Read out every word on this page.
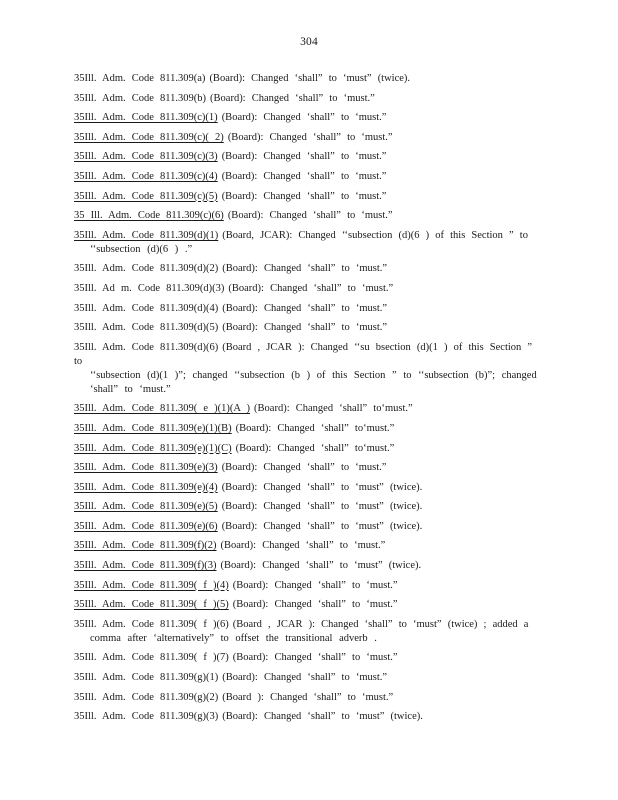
304
35Ill. Adm. Code 811.309(a) (Board): Changed ‘shall” to ‘must” (twice).
35Ill. Adm. Code 811.309(b) (Board): Changed ‘shall” to ‘must.”
35Ill. Adm. Code 811.309(c)(1) (Board): Changed ‘shall” to ‘must.”
35Ill. Adm. Code 811.309(c)( 2) (Board): Changed ‘shall” to ‘must.”
35Ill. Adm. Code 811.309(c)(3) (Board): Changed ‘shall” to ‘must.”
35Ill. Adm. Code 811.309(c)(4) (Board): Changed ‘shall” to ‘must.”
35Ill. Adm. Code 811.309(c)(5) (Board): Changed ‘shall” to ‘must.”
35 Ill. Adm. Code 811.309(c)(6) (Board): Changed ‘shall” to ‘must.”
35Ill. Adm. Code 811.309(d)(1) (Board, JCAR): Changed ‘‘subsection (d)(6 ) of this Section ” to
‘‘subsection (d)(6 ) .”
35Ill. Adm. Code 811.309(d)(2) (Board): Changed ‘shall” to ‘must.”
35Ill. Ad m. Code 811.309(d)(3) (Board): Changed ‘shall” to ‘must.”
35Ill. Adm. Code 811.309(d)(4) (Board): Changed ‘shall” to ‘must.”
35Ill. Adm. Code 811.309(d)(5) (Board): Changed ‘shall” to ‘must.”
35Ill. Adm. Code 811.309(d)(6) (Board , JCAR ): Changed ‘‘su bsection (d)(1 ) of this Section ” to
‘‘subsection (d)(1 )”; changed ‘‘subsection (b ) of this Section ” to ‘‘subsection (b)”; changed ‘shall” to ‘must.”
35Ill. Adm. Code 811.309( e )(1)(A ) (Board): Changed ‘shall” to‘must.”
35Ill. Adm. Code 811.309(e)(1)(B) (Board): Changed ‘shall” to‘must.”
35Ill. Adm. Code 811.309(e)(1)(C) (Board): Changed ‘shall” to‘must.”
35Ill. Adm. Code 811.309(e)(3) (Board): Changed ‘shall” to ‘must.”
35Ill. Adm. Code 811.309(e)(4) (Board): Changed ‘shall” to ‘must” (twice).
35Ill. Adm. Code 811.309(e)(5) (Board): Changed ‘shall” to ‘must” (twice).
35Ill. Adm. Code 811.309(e)(6) (Board): Changed ‘shall” to ‘must” (twice).
35Ill. Adm. Code 811.309(f)(2) (Board): Changed ‘shall” to ‘must.”
35Ill. Adm. Code 811.309(f)(3) (Board): Changed ‘shall” to ‘must” (twice).
35Ill. Adm. Code 811.309( f )(4) (Board): Changed ‘shall” to ‘must.”
35Ill. Adm. Code 811.309( f )(5) (Board): Changed ‘shall” to ‘must.”
35Ill. Adm. Code 811.309( f )(6) (Board , JCAR ): Changed ‘shall” to ‘must” (twice) ; added a
comma after ‘alternatively” to offset the transitional adverb .
35Ill. Adm. Code 811.309( f )(7) (Board): Changed ‘shall” to ‘must.”
35Ill. Adm. Code 811.309(g)(1) (Board): Changed ‘shall” to ‘must.”
35Ill. Adm. Code 811.309(g)(2) (Board ): Changed ‘shall” to ‘must.”
35Ill. Adm. Code 811.309(g)(3) (Board): Changed ‘shall” to ‘must” (twice).
